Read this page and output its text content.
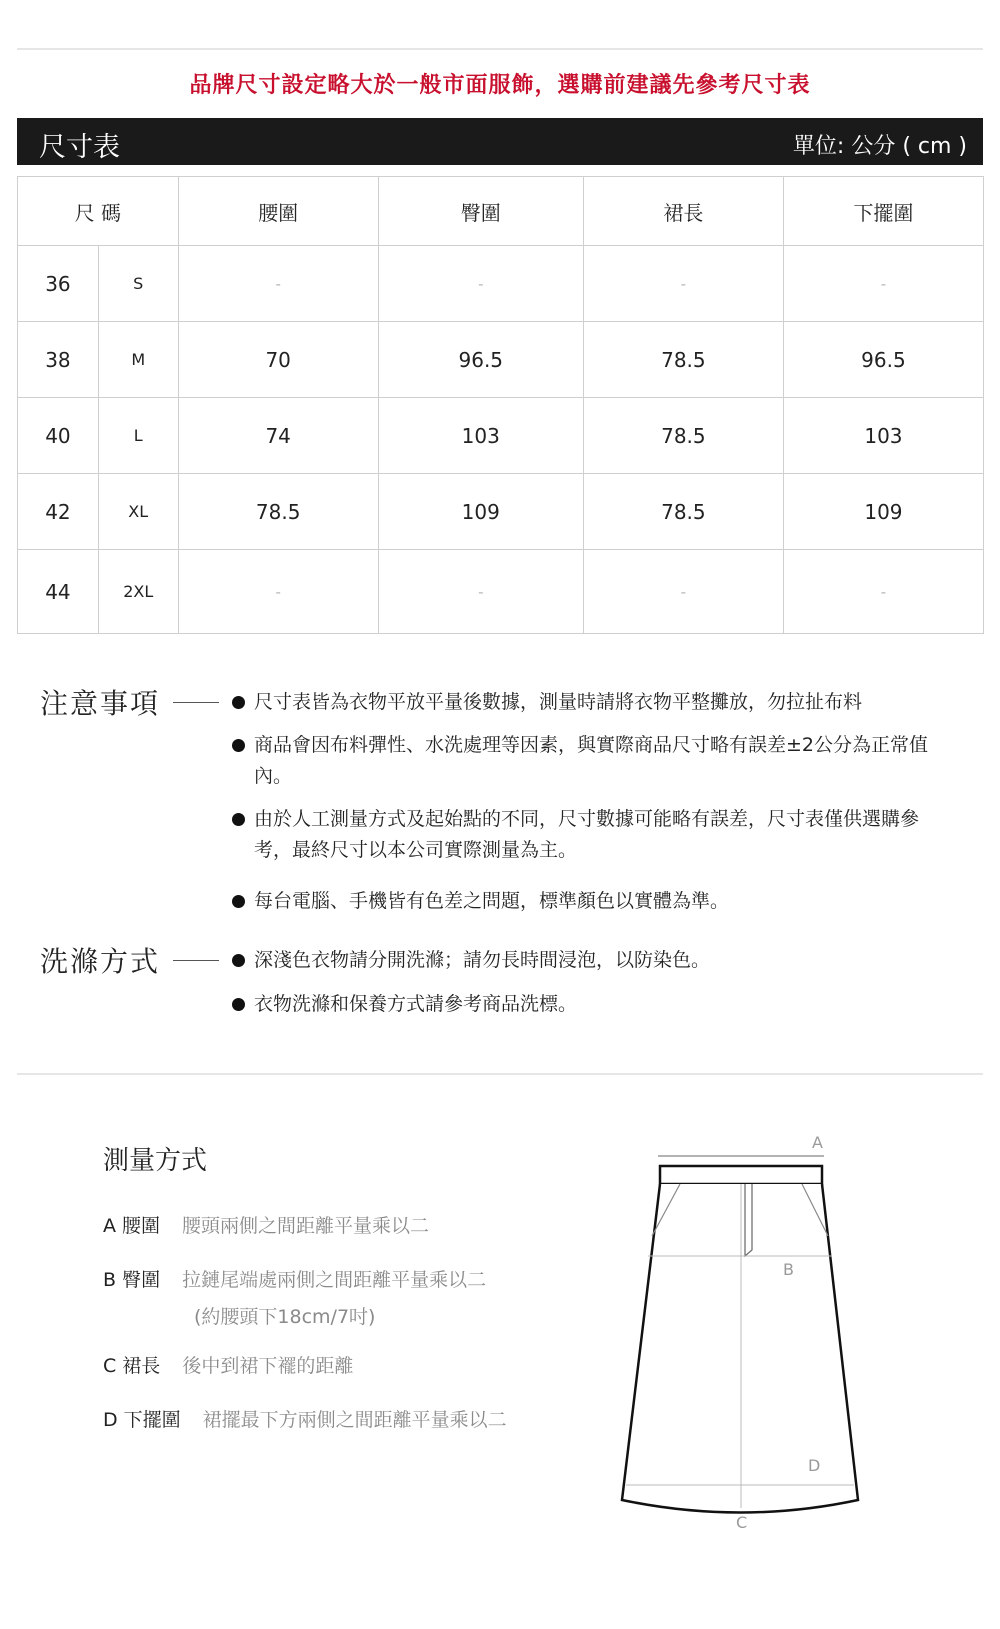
品牌尺寸設定略大於一般市面服飾，選購前建議先參考尺寸表
尺寸表	單位: 公分 ( cm )
尺 碼		腰圍	臀圍	裙長	下擺圍
36	S	-	-	-	-
38	M	70	96.5	78.5	96.5
40	L	74	103	78.5	103
42	XL	78.5	109	78.5	109
44	2XL	-	-	-	-
注意事項	尺寸表皆為衣物平放平量後數據，測量時請將衣物平整攤放，勿拉扯布料
商品會因布料彈性、水洗處理等因素，與實際商品尺寸略有誤差±2公分為正常值內。
由於人工測量方式及起始點的不同，尺寸數據可能略有誤差，尺寸表僅供選購參考，最終尺寸以本公司實際測量為主。
每台電腦、手機皆有色差之問題，標準顏色以實體為準。
洗滌方式	深淺色衣物請分開洗滌；請勿長時間浸泡，以防染色。
衣物洗滌和保養方式請參考商品洗標。
測量方式
A 腰圍 腰頭兩側之間距離平量乘以二
B 臀圍 拉鏈尾端處兩側之間距離平量乘以二
(約腰頭下18cm/7吋)
C 裙長 後中到裙下襬的距離
D 下擺圍 裙擺最下方兩側之間距離平量乘以二
A
B
C
D
